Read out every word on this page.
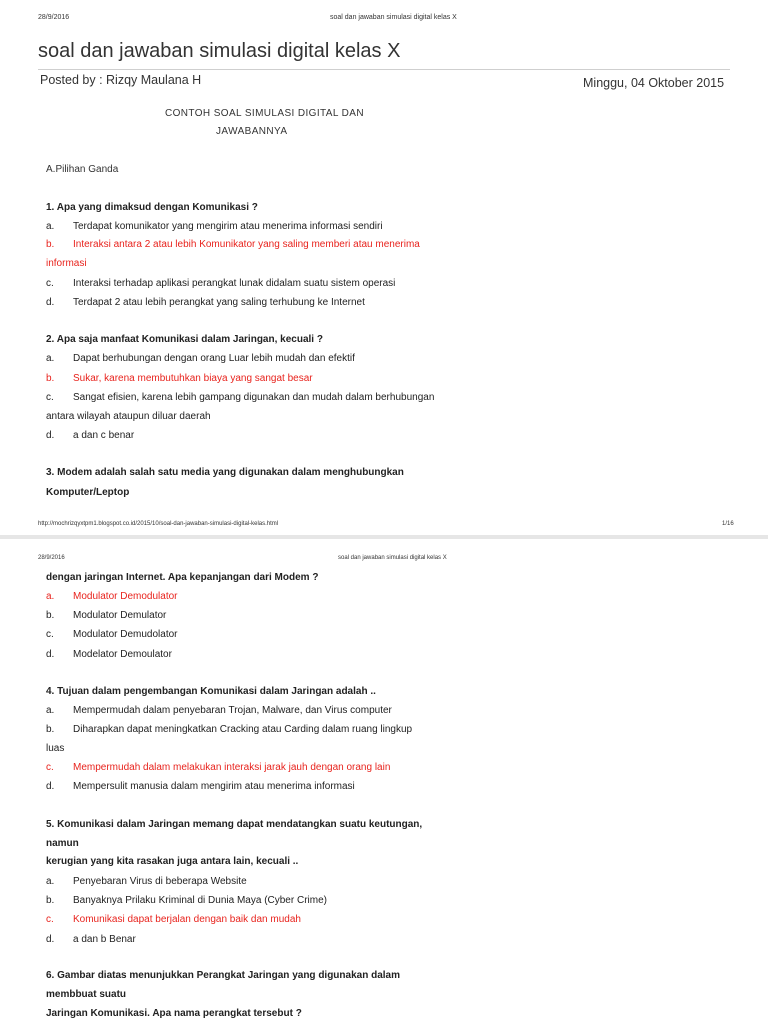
28/9/2016	soal dan jawaban simulasi digital kelas X
soal dan jawaban simulasi digital kelas X
Posted by : Rizqy Maulana H	Minggu, 04 Oktober 2015
CONTOH SOAL SIMULASI DIGITAL DAN
JAWABANNYA
A.Pilihan Ganda
1. Apa yang dimaksud dengan Komunikasi ?
a. Terdapat komunikator yang mengirim atau menerima informasi sendiri
b. Interaksi antara 2 atau lebih Komunikator yang saling memberi atau menerima
informasi
c. Interaksi terhadap aplikasi perangkat lunak didalam suatu sistem operasi
d. Terdapat 2 atau lebih perangkat yang saling terhubung ke Internet
2. Apa saja manfaat Komunikasi dalam Jaringan, kecuali ?
a. Dapat berhubungan dengan orang Luar lebih mudah dan efektif
b. Sukar, karena membutuhkan biaya yang sangat besar
c. Sangat efisien, karena lebih gampang digunakan dan mudah dalam berhubungan
antara wilayah ataupun diluar daerah
d. a dan c benar
3. Modem adalah salah satu media yang digunakan dalam menghubungkan
Komputer/Leptop
http://mochrizqyxtpm1.blogspot.co.id/2015/10/soal-dan-jawaban-simulasi-digital-kelas.html	1/16
28/9/2016	soal dan jawaban simulasi digital kelas X
dengan jaringan Internet. Apa kepanjangan dari Modem ?
a. Modulator Demodulator
b. Modulator Demulator
c. Modulator Demudolator
d. Modelator Demoulator
4. Tujuan dalam pengembangan Komunikasi dalam Jaringan adalah ..
a. Mempermudah dalam penyebaran Trojan, Malware, dan Virus computer
b. Diharapkan dapat meningkatkan Cracking atau Carding dalam ruang lingkup
luas
c. Mempermudah dalam melakukan interaksi jarak jauh dengan orang lain
d. Mempersulit manusia dalam mengirim atau menerima informasi
5. Komunikasi dalam Jaringan memang dapat mendatangkan suatu keutungan,
namun
kerugian yang kita rasakan juga antara lain, kecuali ..
a. Penyebaran Virus di beberapa Website
b. Banyaknya Prilaku Kriminal di Dunia Maya (Cyber Crime)
c. Komunikasi dapat berjalan dengan baik dan mudah
d. a dan b Benar
6. Gambar diatas menunjukkan Perangkat Jaringan yang digunakan dalam
membbuat suatu
Jaringan Komunikasi. Apa nama perangkat tersebut ?
